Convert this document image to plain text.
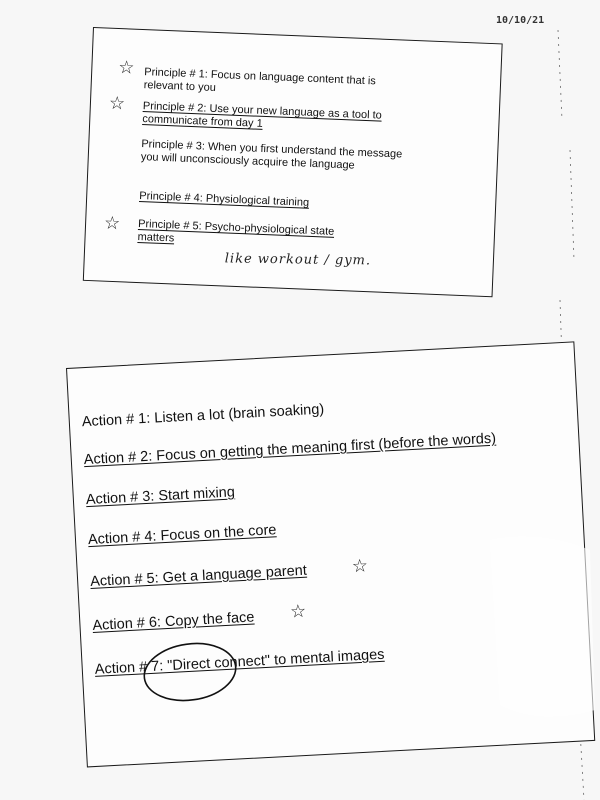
10/10/21
☆ Principle # 1: Focus on language content that is relevant to you

☆ Principle # 2: Use your new language as a tool to communicate from day 1

Principle # 3: When you first understand the message you will unconsciously acquire the language

Principle # 4: Physiological training

☆ Principle # 5: Psycho-physiological state matters

like workout / gym.

Action # 1: Listen a lot (brain soaking)

Action # 2: Focus on getting the meaning first (before the words)

Action # 3: Start mixing

Action # 4: Focus on the core

Action # 5: Get a language parent ☆

Action # 6: Copy the face ☆

Action # 7: "Direct connect" to mental images
